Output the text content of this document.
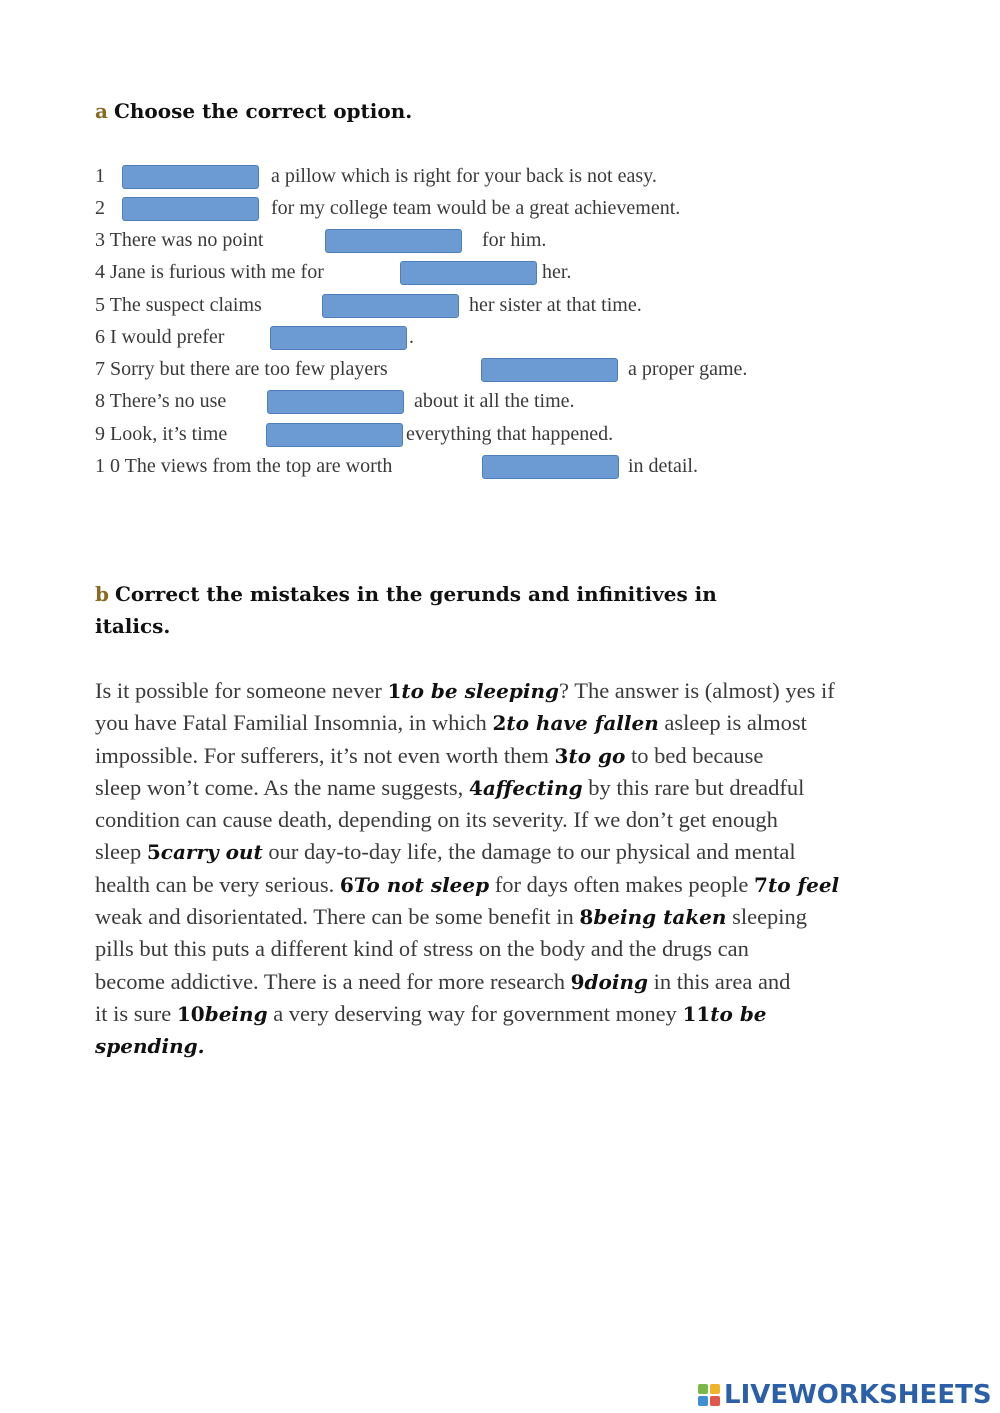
a Choose the correct option.
1	a pillow which is right for your back is not easy.
2	for my college team would be a great achievement.
3 There was no point	for him.
4 Jane is furious with me for	her.
5 The suspect claims	her sister at that time.
6 I would prefer	.
7 Sorry but there are too few players	a proper game.
8 There’s no use	about it all the time.
9 Look, it’s time	everything that happened.
1 0 The views from the top are worth	in detail.
b Correct the mistakes in the gerunds and infinitives in
italics.
Is it possible for someone never 1to be sleeping? The answer is (almost) yes if
you have Fatal Familial Insomnia, in which 2to have fallen asleep is almost
impossible. For sufferers, it’s not even worth them 3to go to bed because
sleep won’t come. As the name suggests, 4affecting by this rare but dreadful
condition can cause death, depending on its severity. If we don’t get enough
sleep 5carry out our day-to-day life, the damage to our physical and mental
health can be very serious. 6To not sleep for days often makes people 7to feel
weak and disorientated. There can be some benefit in 8being taken sleeping
pills but this puts a different kind of stress on the body and the drugs can
become addictive. There is a need for more research 9doing in this area and
it is sure 10being a very deserving way for government money 11to be
spending.
LIVEWORKSHEETS
